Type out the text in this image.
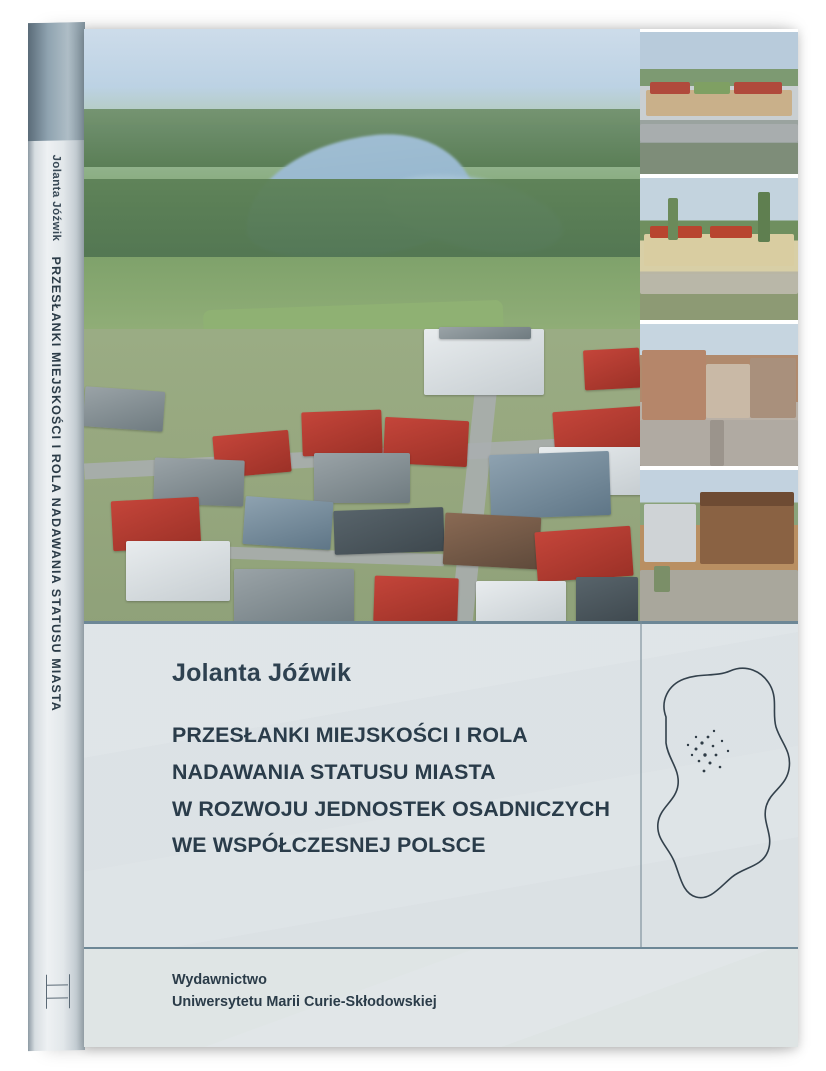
Jolanta Jóźwik
PRZESŁANKI MIEJSKOŚCI I ROLA NADAWANIA STATUSU MIASTA	Jolanta Jóźwik
PRZESŁANKI MIEJSKOŚCI I ROLA
NADAWANIA STATUSU MIASTA
W ROZWOJU JEDNOSTEK OSADNICZYCH
WE WSPÓŁCZESNEJ POLSCE
Wydawnictwo
Uniwersytetu Marii Curie-Skłodowskiej
